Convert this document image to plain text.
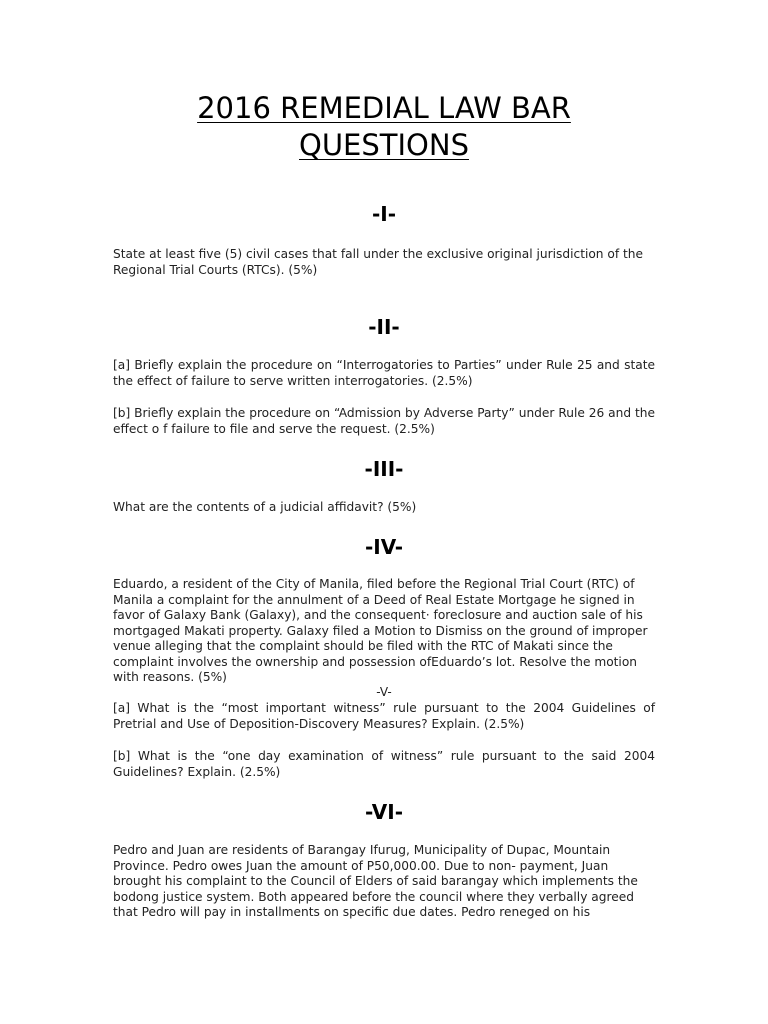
2016 REMEDIAL LAW BAR
QUESTIONS
-I-
State at least five (5) civil cases that fall under the exclusive original jurisdiction of the Regional Trial Courts (RTCs). (5%)
-II-
[a] Briefly explain the procedure on “Interrogatories to Parties” under Rule 25 and state the effect of failure to serve written interrogatories. (2.5%)
[b] Briefly explain the procedure on “Admission by Adverse Party” under Rule 26 and the effect o f failure to file and serve the request. (2.5%)
-III-
What are the contents of a judicial affidavit? (5%)
-IV-
Eduardo, a resident of the City of Manila, filed before the Regional Trial Court (RTC) of Manila a complaint for the annulment of a Deed of Real Estate Mortgage he signed in favor of Galaxy Bank (Galaxy), and the consequent· foreclosure and auction sale of his mortgaged Makati property. Galaxy filed a Motion to Dismiss on the ground of improper venue alleging that the complaint should be filed with the RTC of Makati since the complaint involves the ownership and possession ofEduardo’s lot. Resolve the motion with reasons. (5%)
-V-
[a] What is the “most important witness” rule pursuant to the 2004 Guidelines of Pretrial and Use of Deposition-Discovery Measures? Explain. (2.5%)
[b] What is the “one day examination of witness” rule pursuant to the said 2004 Guidelines? Explain. (2.5%)
-VI-
Pedro and Juan are residents of Barangay Ifurug, Municipality of Dupac, Mountain Province. Pedro owes Juan the amount of P50,000.00. Due to non- payment, Juan brought his complaint to the Council of Elders of said barangay which implements the bodong justice system. Both appeared before the council where they verbally agreed that Pedro will pay in installments on specific due dates. Pedro reneged on his
